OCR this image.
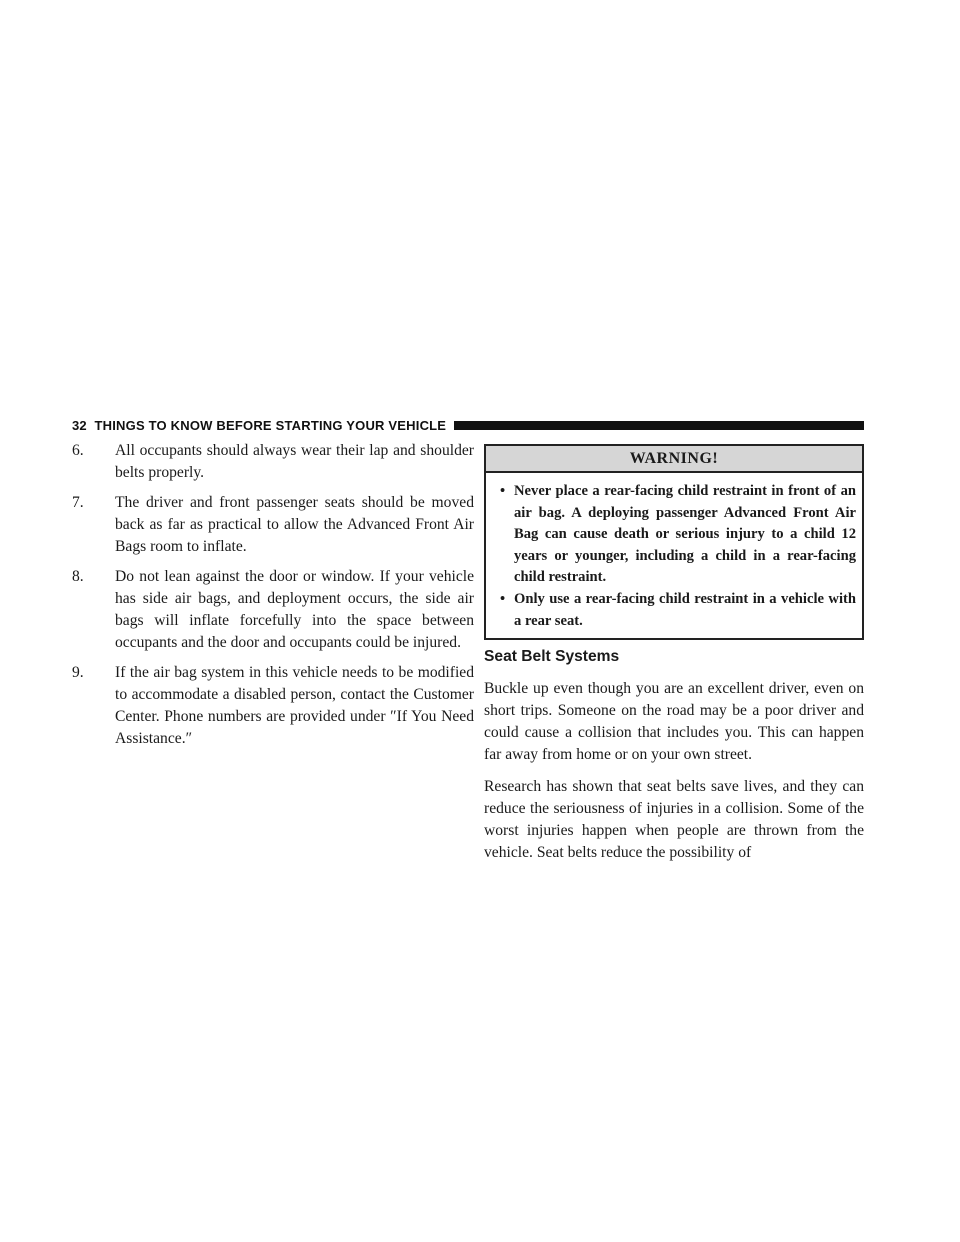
32 THINGS TO KNOW BEFORE STARTING YOUR VEHICLE
6.	All occupants should always wear their lap and shoulder belts properly.
7.	The driver and front passenger seats should be moved back as far as practical to allow the Advanced Front Air Bags room to inflate.
8.	Do not lean against the door or window. If your vehicle has side air bags, and deployment occurs, the side air bags will inflate forcefully into the space between occupants and the door and occupants could be injured.
9.	If the air bag system in this vehicle needs to be modified to accommodate a disabled person, contact the Customer Center. Phone numbers are provided under ″If You Need Assistance.″
WARNING!
• Never place a rear-facing child restraint in front of an air bag. A deploying passenger Advanced Front Air Bag can cause death or serious injury to a child 12 years or younger, including a child in a rear-facing child restraint.
• Only use a rear-facing child restraint in a vehicle with a rear seat.
Seat Belt Systems

Buckle up even though you are an excellent driver, even on short trips. Someone on the road may be a poor driver and could cause a collision that includes you. This can happen far away from home or on your own street.

Research has shown that seat belts save lives, and they can reduce the seriousness of injuries in a collision. Some of the worst injuries happen when people are thrown from the vehicle. Seat belts reduce the possibility of
